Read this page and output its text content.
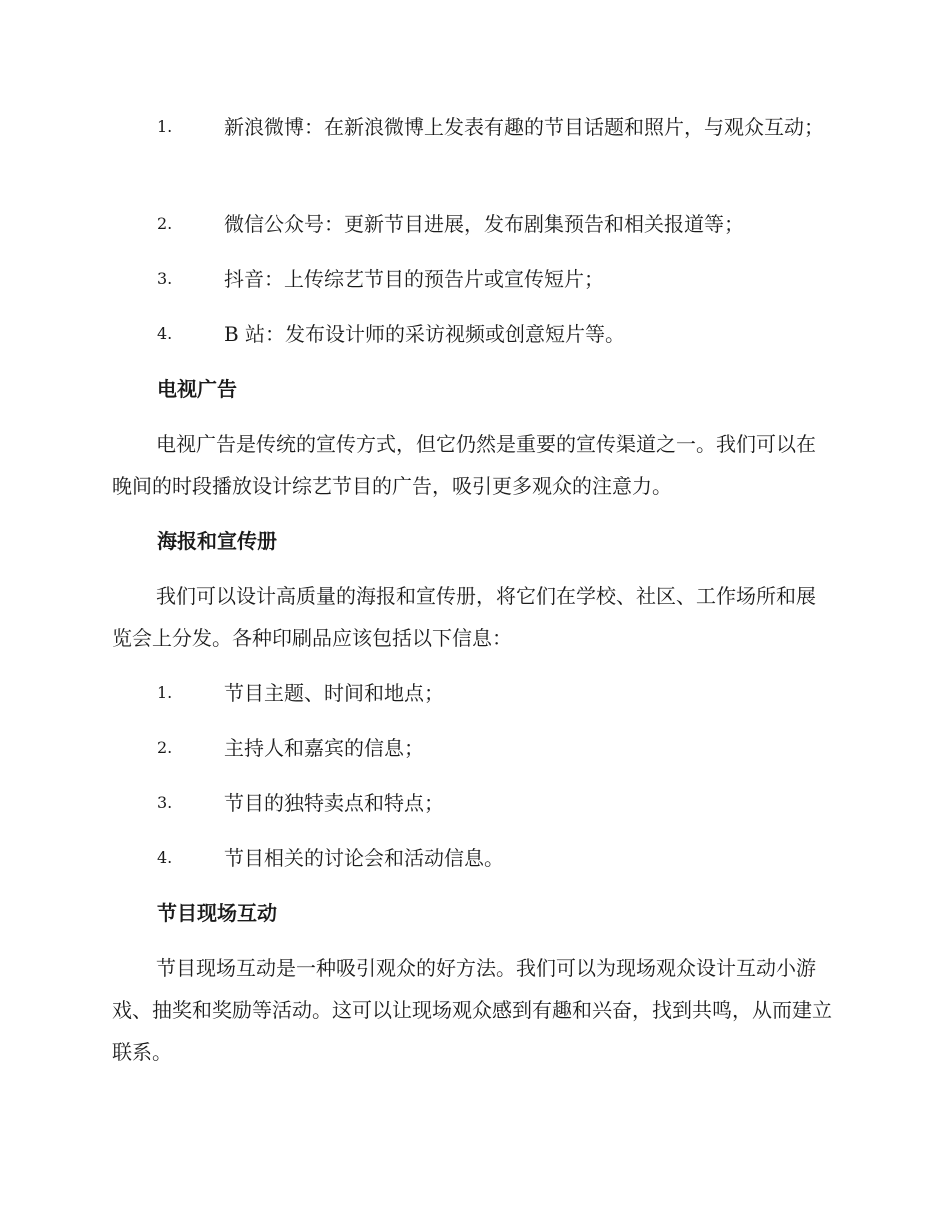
1.	新浪微博：在新浪微博上发表有趣的节目话题和照片，与观众互动；
2.	微信公众号：更新节目进展，发布剧集预告和相关报道等；
3.	抖音：上传综艺节目的预告片或宣传短片；
4.	B 站：发布设计师的采访视频或创意短片等。
电视广告

电视广告是传统的宣传方式，但它仍然是重要的宣传渠道之一。我们可以在晚间的时段播放设计综艺节目的广告，吸引更多观众的注意力。

海报和宣传册

我们可以设计高质量的海报和宣传册，将它们在学校、社区、工作场所和展览会上分发。各种印刷品应该包括以下信息：

1.	节目主题、时间和地点；
2.	主持人和嘉宾的信息；
3.	节目的独特卖点和特点；
4.	节目相关的讨论会和活动信息。
节目现场互动

节目现场互动是一种吸引观众的好方法。我们可以为现场观众设计互动小游戏、抽奖和奖励等活动。这可以让现场观众感到有趣和兴奋，找到共鸣，从而建立联系。
